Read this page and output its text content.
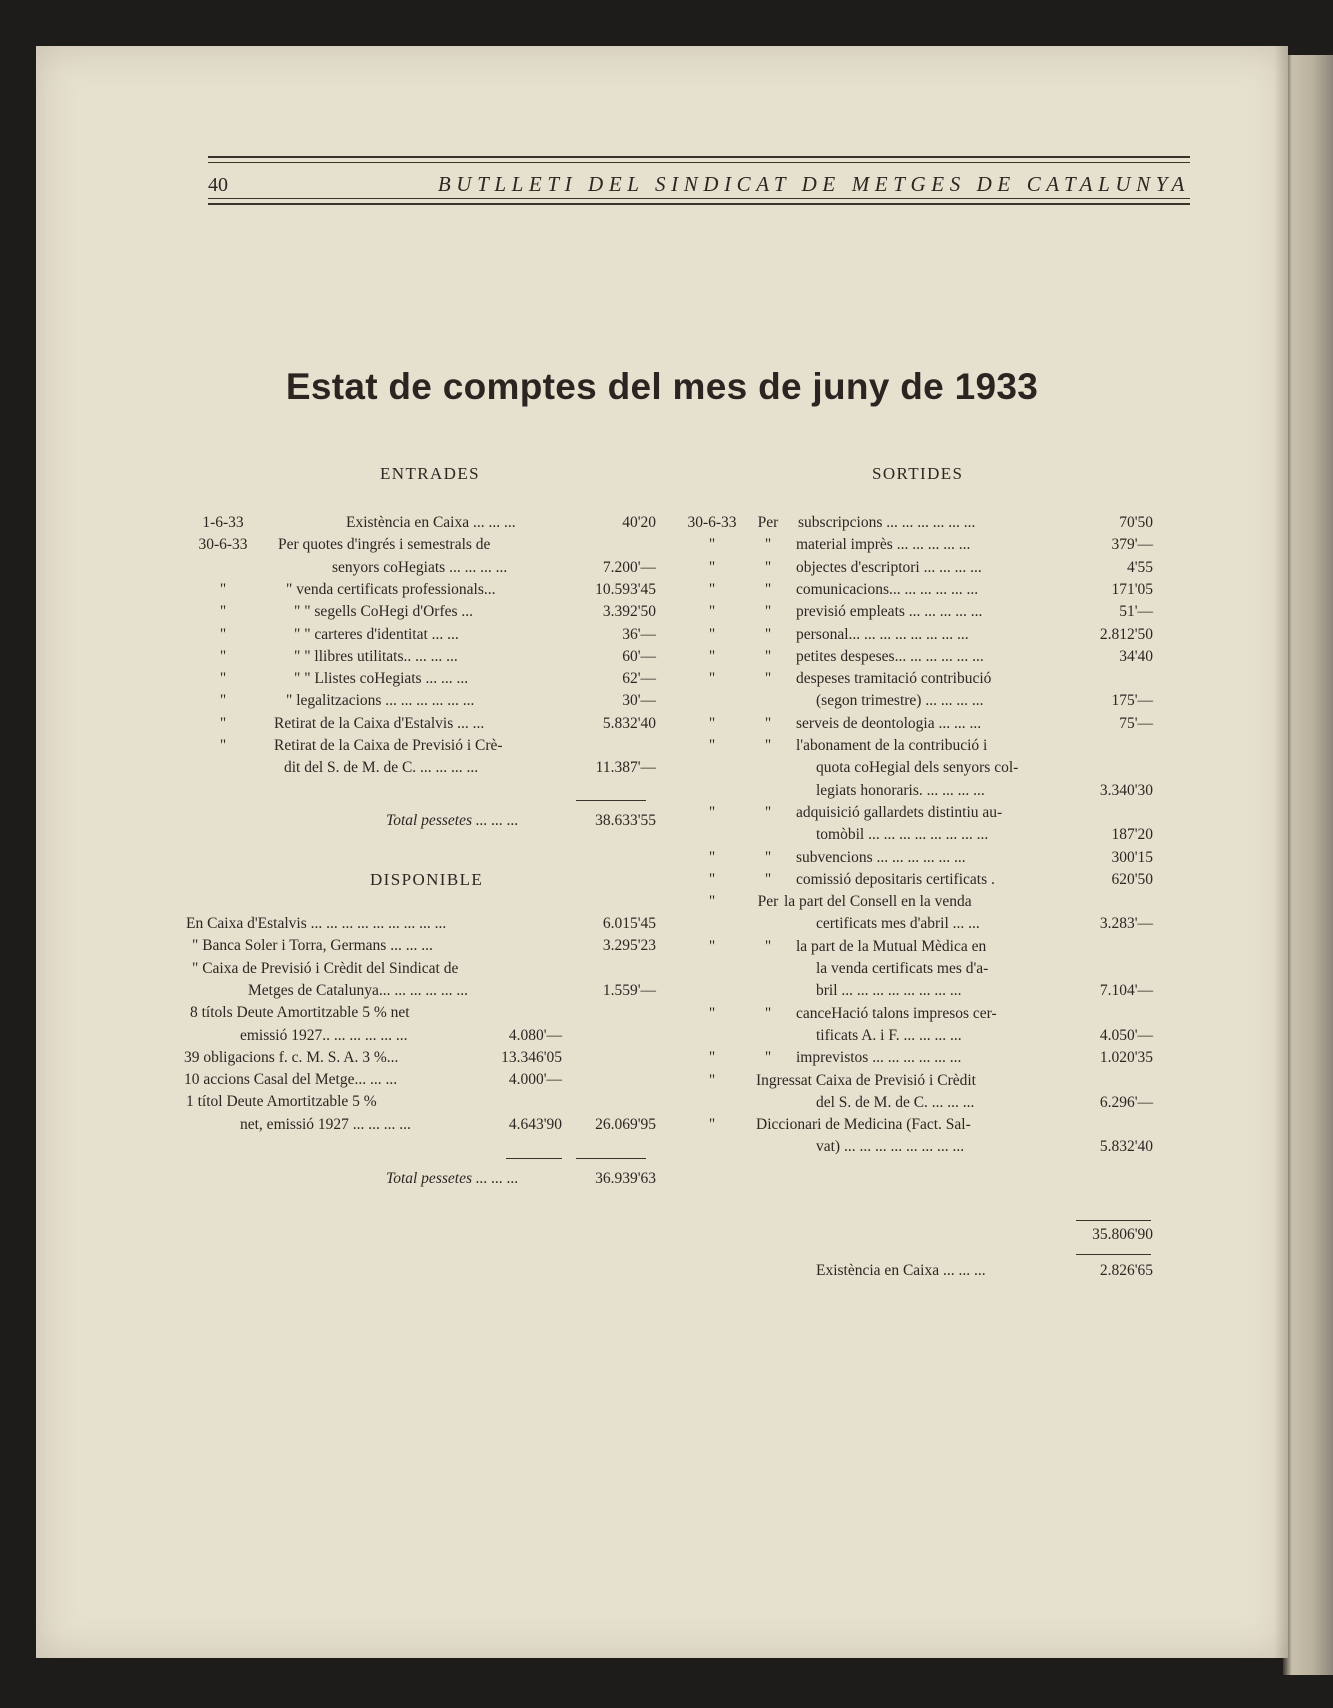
40	BUTLLETI DEL SINDICAT DE METGES DE CATALUNYA
Estat de comptes del mes de juny de 1933
ENTRADES
1-6-33	Existència en Caixa ... ... ...	40'20
30-6-33	Per quotes d'ingrés i semestrals de
senyors coHegiats ... ... ... ...	7.200'—
"	" venda certificats professionals...	10.593'45
"	" " segells CoHegi d'Orfes ...	3.392'50
"	" " carteres d'identitat ... ...	36'—
"	" " llibres utilitats.. ... ... ...	60'—
"	" " Llistes coHegiats ... ... ...	62'—
"	" legalitzacions ... ... ... ... ... ...	30'—
"	Retirat de la Caixa d'Estalvis ... ...	5.832'40
"	Retirat de la Caixa de Previsió i Crè-
dit del S. de M. de C. ... ... ... ...	11.387'—
Total pessetes ... ... ...	38.633'55
DISPONIBLE
En Caixa d'Estalvis ... ... ... ... ... ... ... ... ...	6.015'45
" Banca Soler i Torra, Germans ... ... ...	3.295'23
" Caixa de Previsió i Crèdit del Sindicat de
Metges de Catalunya... ... ... ... ... ...	1.559'—
8 títols Deute Amortitzable 5 % net
emissió 1927.. ... ... ... ... ...	4.080'—
39 obligacions f. c. M. S. A. 3 %...	13.346'05
10 accions Casal del Metge... ... ...	4.000'—
1 títol Deute Amortitzable 5 %
net, emissió 1927 ... ... ... ...	4.643'90	26.069'95
Total pessetes ... ... ...	36.939'63
SORTIDES
30-6-33	Per	subscripcions ... ... ... ... ... ...	70'50
"	"	material imprès ... ... ... ... ...	379'—
"	"	objectes d'escriptori ... ... ... ...	4'55
"	"	comunicacions... ... ... ... ... ...	171'05
"	"	previsió empleats ... ... ... ... ...	51'—
"	"	personal... ... ... ... ... ... ... ...	2.812'50
"	"	petites despeses... ... ... ... ... ...	34'40
"	"	despeses tramitació contribució
(segon trimestre) ... ... ... ...	175'—
"	"	serveis de deontologia ... ... ...	75'—
"	"	l'abonament de la contribució i
quota coHegial dels senyors col-
legiats honoraris. ... ... ... ...	3.340'30
"	"	adquisició gallardets distintiu au-
tomòbil ... ... ... ... ... ... ... ...	187'20
"	"	subvencions ... ... ... ... ... ...	300'15
"	"	comissió depositaris certificats .	620'50
"	Per la part del Consell en la venda
certificats mes d'abril ... ...	3.283'—
"	"	la part de la Mutual Mèdica en
la venda certificats mes d'a-
bril ... ... ... ... ... ... ... ...	7.104'—
"	"	canceHació talons impresos cer-
tificats A. i F. ... ... ... ...	4.050'—
"	"	imprevistos ... ... ... ... ... ...	1.020'35
"	Ingressat Caixa de Previsió i Crèdit
del S. de M. de C. ... ... ...	6.296'—
"	Diccionari de Medicina (Fact. Sal-
vat) ... ... ... ... ... ... ... ...	5.832'40
35.806'90
Existència en Caixa ... ... ...	2.826'65
